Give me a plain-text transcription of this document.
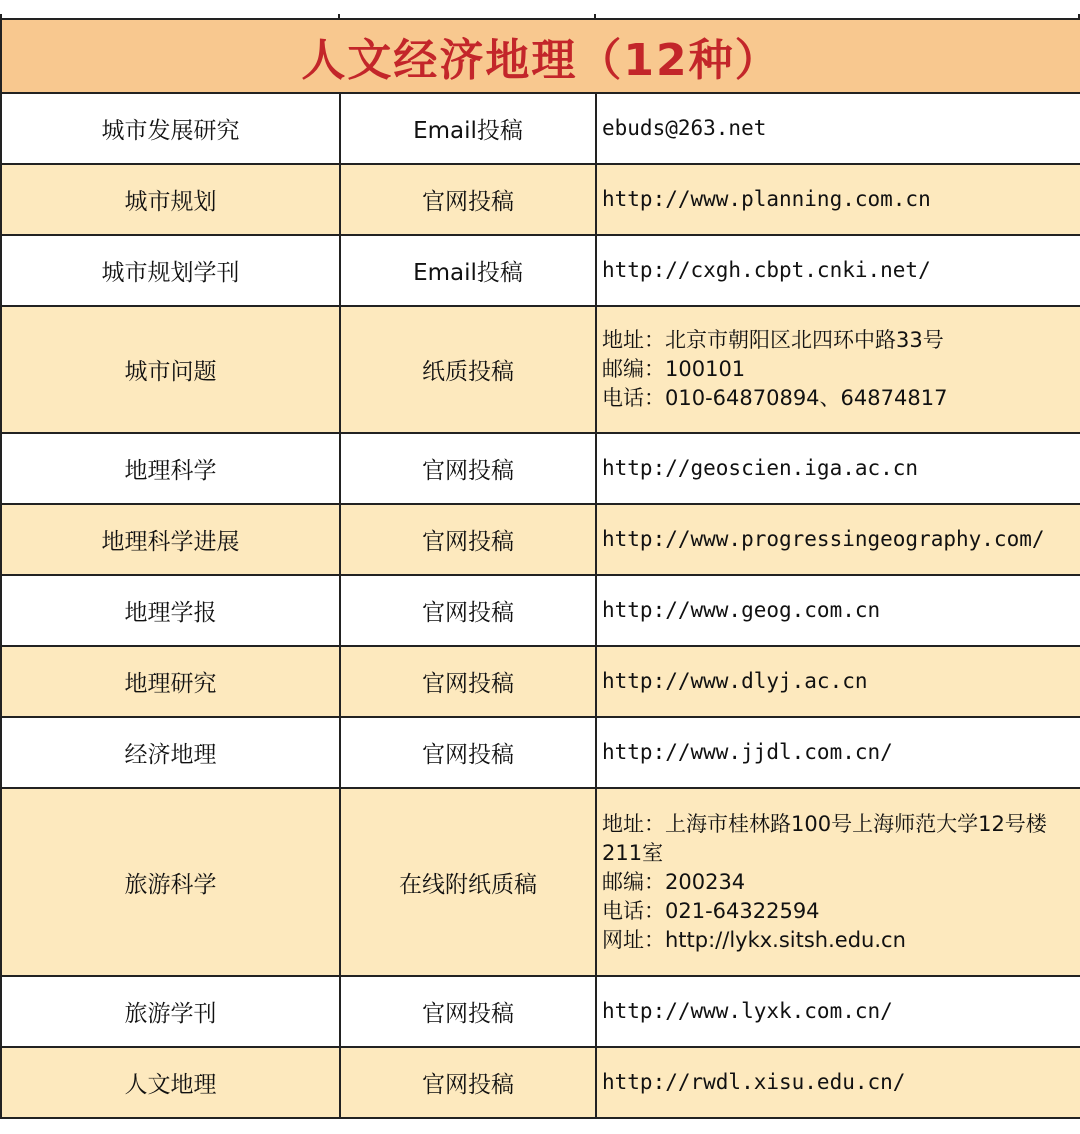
人文经济地理（12种）		
城市发展研究	Email投稿	ebuds@263.net

城市规划	官网投稿	http://www.planning.com.cn

城市规划学刊	Email投稿	http://cxgh.cbpt.cnki.net/

城市问题	纸质投稿	地址：北京市朝阳区北四环中路33号
邮编：100101
电话：010-64870894、64874817

地理科学	官网投稿	http://geoscien.iga.ac.cn

地理科学进展	官网投稿	http://www.progressingeography.com/

地理学报	官网投稿	http://www.geog.com.cn

地理研究	官网投稿	http://www.dlyj.ac.cn

经济地理	官网投稿	http://www.jjdl.com.cn/

旅游科学	在线附纸质稿	地址：上海市桂林路100号上海师范大学12号楼211室
邮编：200234
电话：021-64322594
网址：http://lykx.sitsh.edu.cn

旅游学刊	官网投稿	http://www.lyxk.com.cn/

人文地理	官网投稿	http://rwdl.xisu.edu.cn/
